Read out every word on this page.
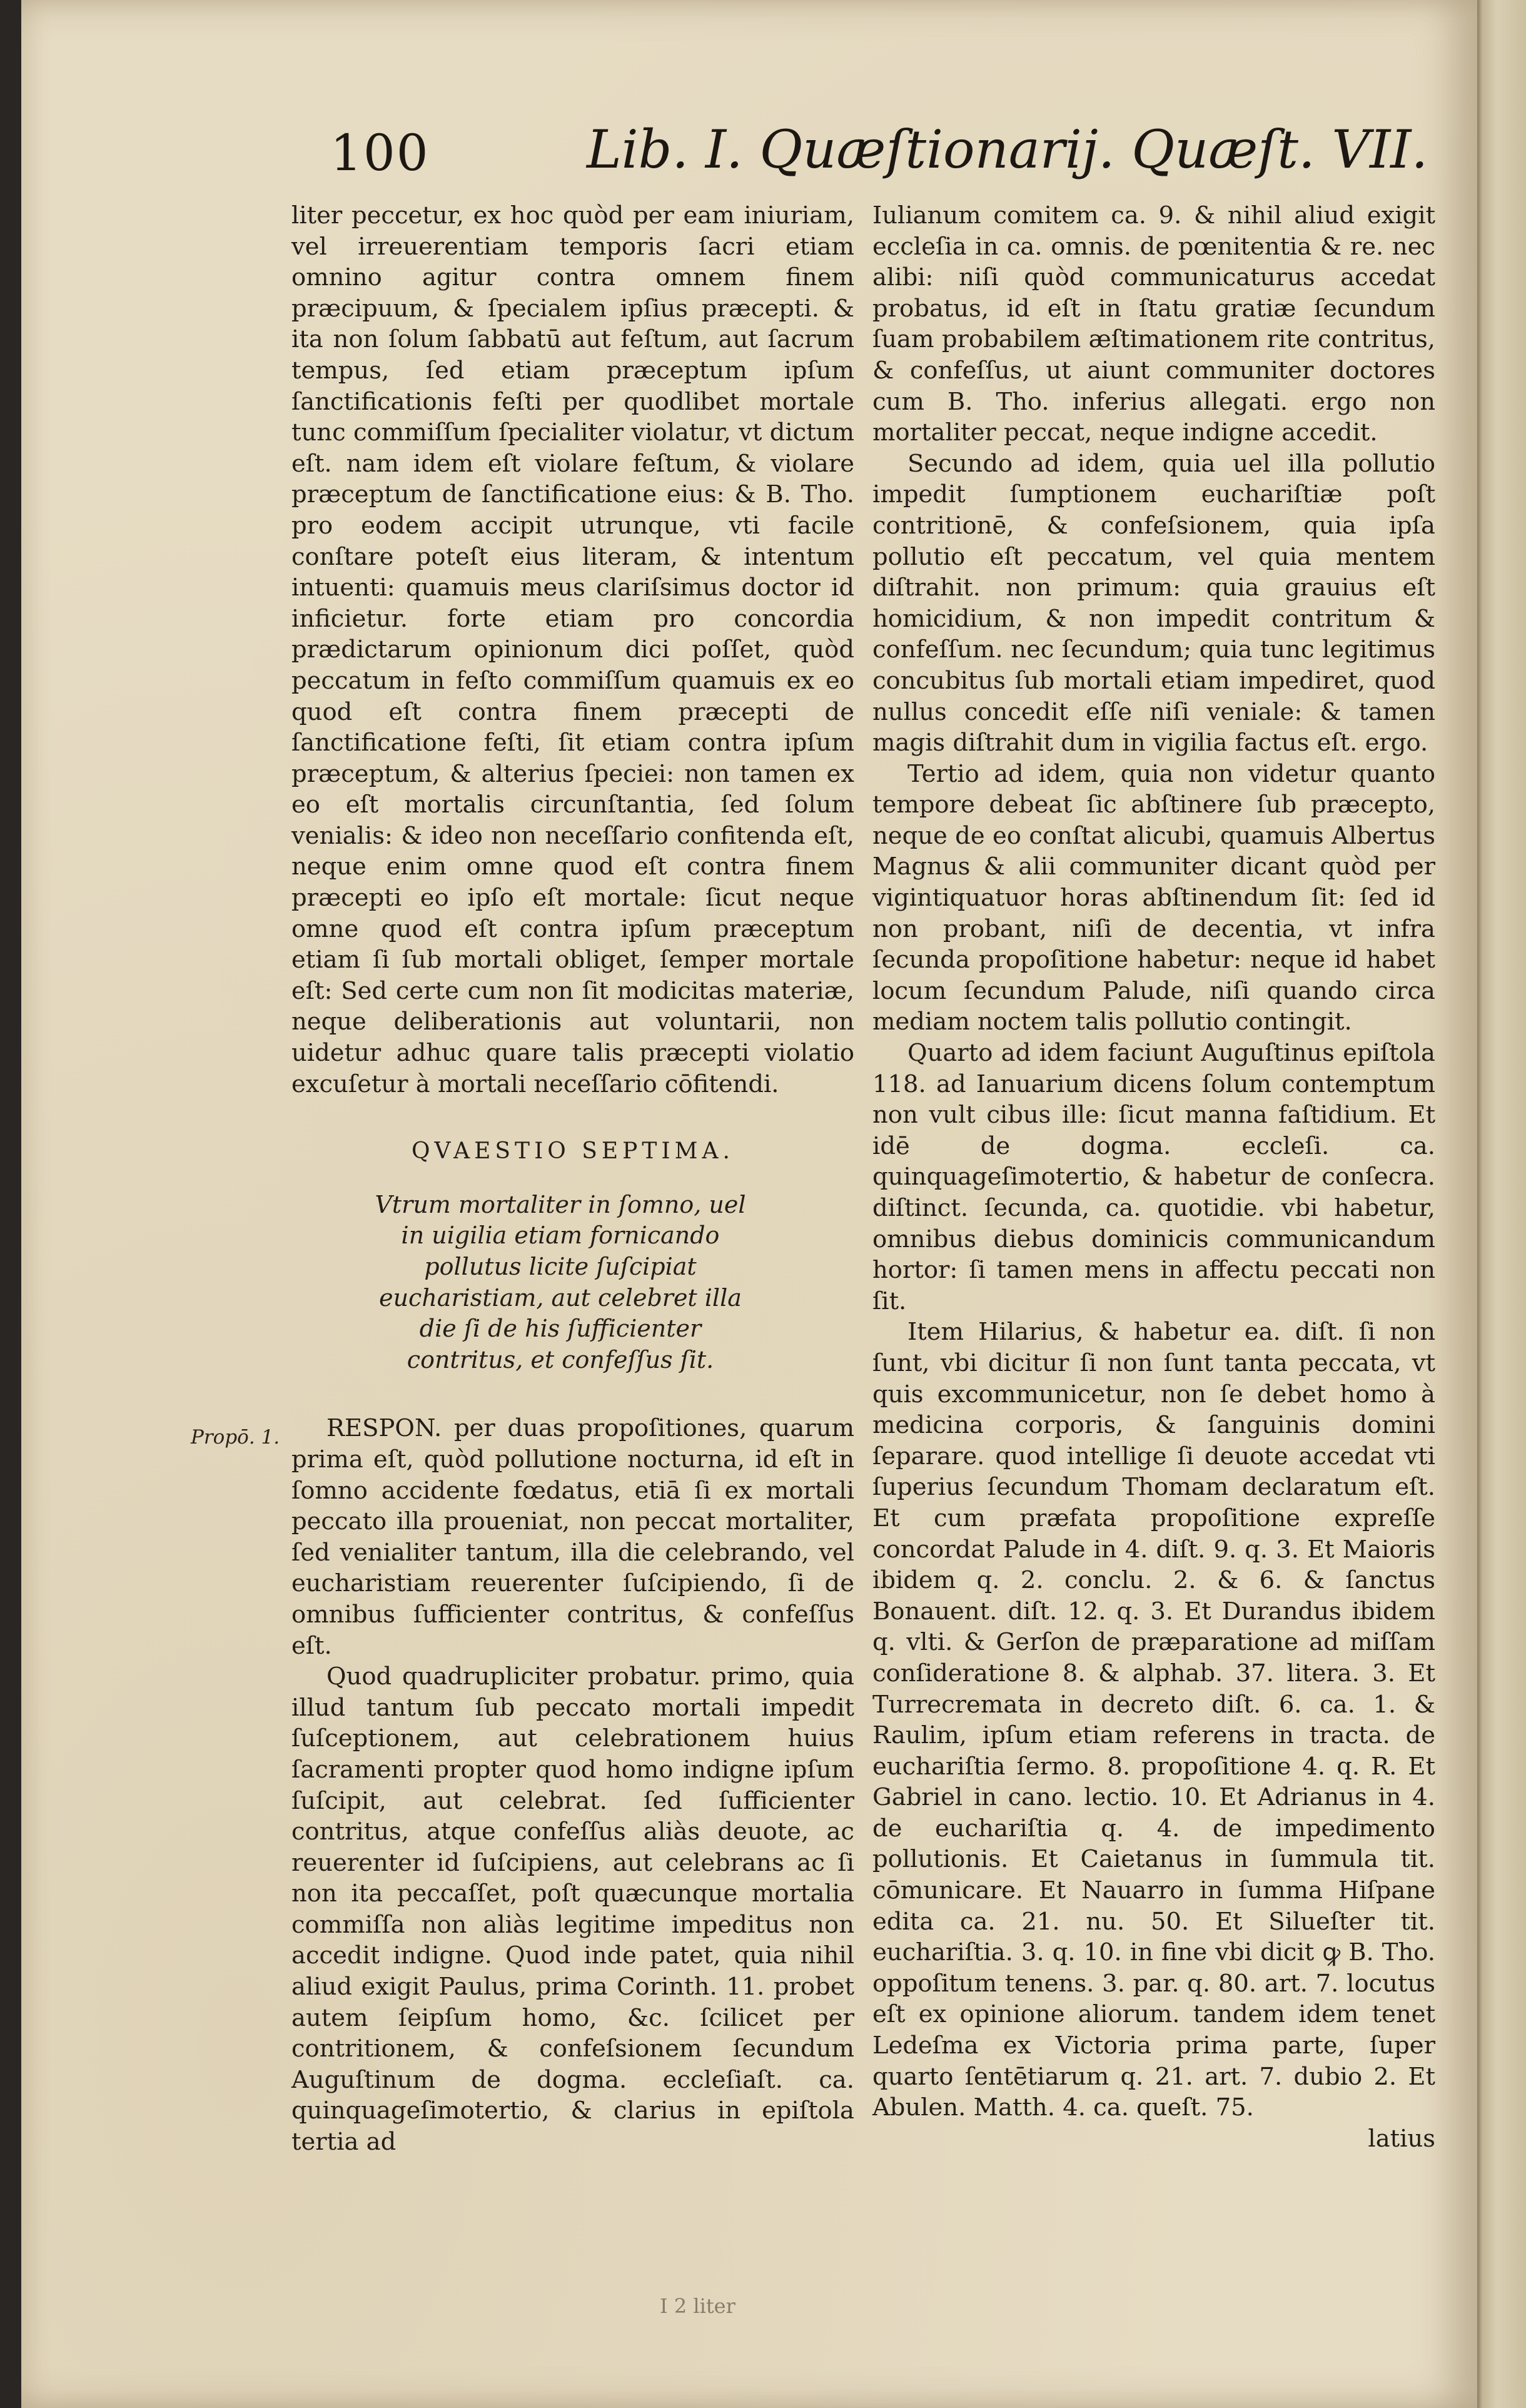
100	Lib. I. Quæſtionarij. Quæſt. VII.

liter peccetur, ex hoc quòd per eam iniuriam, vel irreuerentiam temporis ſacri etiam omnino agitur contra omnem finem præcipuum, & ſpecialem ipſius præcepti. & ita non ſolum ſabbatū aut feſtum, aut ſacrum tempus, ſed etiam præceptum ipſum ſanctificationis feſti per quodlibet mortale tunc commiſſum ſpecialiter violatur, vt dictum eſt. nam idem eſt violare feſtum, & violare præceptum de ſanctificatione eius: & B. Tho. pro eodem accipit utrunque, vti facile conſtare poteſt eius literam, & intentum intuenti: quamuis meus clariſsimus doctor id inficietur. forte etiam pro concordia prædictarum opinionum dici poſſet, quòd peccatum in feſto commiſſum quamuis ex eo quod eſt contra finem præcepti de ſanctificatione feſti, ſit etiam contra ipſum præceptum, & alterius ſpeciei: non tamen ex eo eſt mortalis circunſtantia, ſed ſolum venialis: & ideo non neceſſario confitenda eſt, neque enim omne quod eſt contra finem præcepti eo ipſo eſt mortale: ſicut neque omne quod eſt contra ipſum præceptum etiam ſi ſub mortali obliget, ſemper mortale eſt: Sed certe cum non ſit modicitas materiæ, neque deliberationis aut voluntarii, non uidetur adhuc quare talis præcepti violatio excuſetur à mortali neceſſario cōfitendi.

QVAESTIO SEPTIMA.

Vtrum mortaliter in ſomno, uel in uigilia etiam fornicando pollutus licite ſuſcipiat eucharistiam, aut celebret illa die ſi de his ſufficienter contritus, et confeſſus ſit.

RESPON. per duas propoſitiones, quarum prima eſt, quòd pollutione nocturna, id eſt in ſomno accidente fœdatus, etiā ſi ex mortali peccato illa proueniat, non peccat mortaliter, ſed venialiter tantum, illa die celebrando, vel eucharistiam reuerenter ſuſcipiendo, ſi de omnibus ſufficienter contritus, & confeſſus eſt.

Quod quadrupliciter probatur. primo, quia illud tantum ſub peccato mortali impedit ſuſceptionem, aut celebrationem huius ſacramenti propter quod homo indigne ipſum ſuſcipit, aut celebrat. ſed ſufficienter contritus, atque confeſſus aliàs deuote, ac reuerenter id ſuſcipiens, aut celebrans ac ſi non ita peccaſſet, poſt quæcunque mortalia commiſſa non aliàs legitime impeditus non accedit indigne. Quod inde patet, quia nihil aliud exigit Paulus, prima Corinth. 11. probet autem ſeipſum homo, &c. ſcilicet per contritionem, & confeſsionem ſecundum Auguſtinum de dogma. eccleſiaſt. ca. quinquageſimotertio, & clarius in epiſtola tertia ad

Iulianum comitem ca. 9. & nihil aliud exigit eccleſia in ca. omnis. de pœnitentia & re. nec alibi: niſi quòd communicaturus accedat probatus, id eſt in ſtatu gratiæ ſecundum ſuam probabilem æſtimationem rite contritus, & confeſſus, ut aiunt communiter doctores cum B. Tho. inferius allegati. ergo non mortaliter peccat, neque indigne accedit.

Secundo ad idem, quia uel illa pollutio impedit ſumptionem euchariſtiæ poſt contritionē, & confeſsionem, quia ipſa pollutio eſt peccatum, vel quia mentem diſtrahit. non primum: quia grauius eſt homicidium, & non impedit contritum & confeſſum. nec ſecundum; quia tunc legitimus concubitus ſub mortali etiam impediret, quod nullus concedit eſſe niſi veniale: & tamen magis diſtrahit dum in vigilia factus eſt. ergo.

Tertio ad idem, quia non videtur quanto tempore debeat ſic abſtinere ſub præcepto, neque de eo conſtat alicubi, quamuis Albertus Magnus & alii communiter dicant quòd per vigintiquatuor horas abſtinendum ſit: ſed id non probant, niſi de decentia, vt infra ſecunda propoſitione habetur: neque id habet locum ſecundum Palude, niſi quando circa mediam noctem talis pollutio contingit.

Quarto ad idem faciunt Auguſtinus epiſtola 118. ad Ianuarium dicens ſolum contemptum non vult cibus ille: ſicut manna faſtidium. Et idē de dogma. eccleſi. ca. quinquageſimotertio, & habetur de conſecra. diſtinct. ſecunda, ca. quotidie. vbi habetur, omnibus diebus dominicis communicandum hortor: ſi tamen mens in affectu peccati non ſit.

Item Hilarius, & habetur ea. diſt. ſi non ſunt, vbi dicitur ſi non ſunt tanta peccata, vt quis excommunicetur, non ſe debet homo à medicina corporis, & ſanguinis domini ſeparare. quod intellige ſi deuote accedat vti ſuperius ſecundum Thomam declaratum eſt. Et cum præfata propoſitione expreſſe concordat Palude in 4. diſt. 9. q. 3. Et Maioris ibidem q. 2. conclu. 2. & 6. & ſanctus Bonauent. diſt. 12. q. 3. Et Durandus ibidem q. vlti. & Gerſon de præparatione ad miſſam conſideratione 8. & alphab. 37. litera. 3. Et Turrecremata in decreto diſt. 6. ca. 1. & Raulim, ipſum etiam referens in tracta. de euchariſtia ſermo. 8. propoſitione 4. q. R. Et Gabriel in cano. lectio. 10. Et Adrianus in 4. de euchariſtia q. 4. de impedimento pollutionis. Et Caietanus in ſummula tit. cōmunicare. Et Nauarro in ſumma Hiſpane edita ca. 21. nu. 50. Et Silueſter tit. euchariſtia. 3. q. 10. in fine vbi dicit ꝙ B. Tho. oppoſitum tenens. 3. par. q. 80. art. 7. locutus eſt ex opinione aliorum. tandem idem tenet Ledeſma ex Victoria prima parte, ſuper quarto ſentētiarum q. 21. art. 7. dubio 2. Et Abulen. Matth. 4. ca. queſt. 75.

latius

Propō. 1.
I 2 liter
